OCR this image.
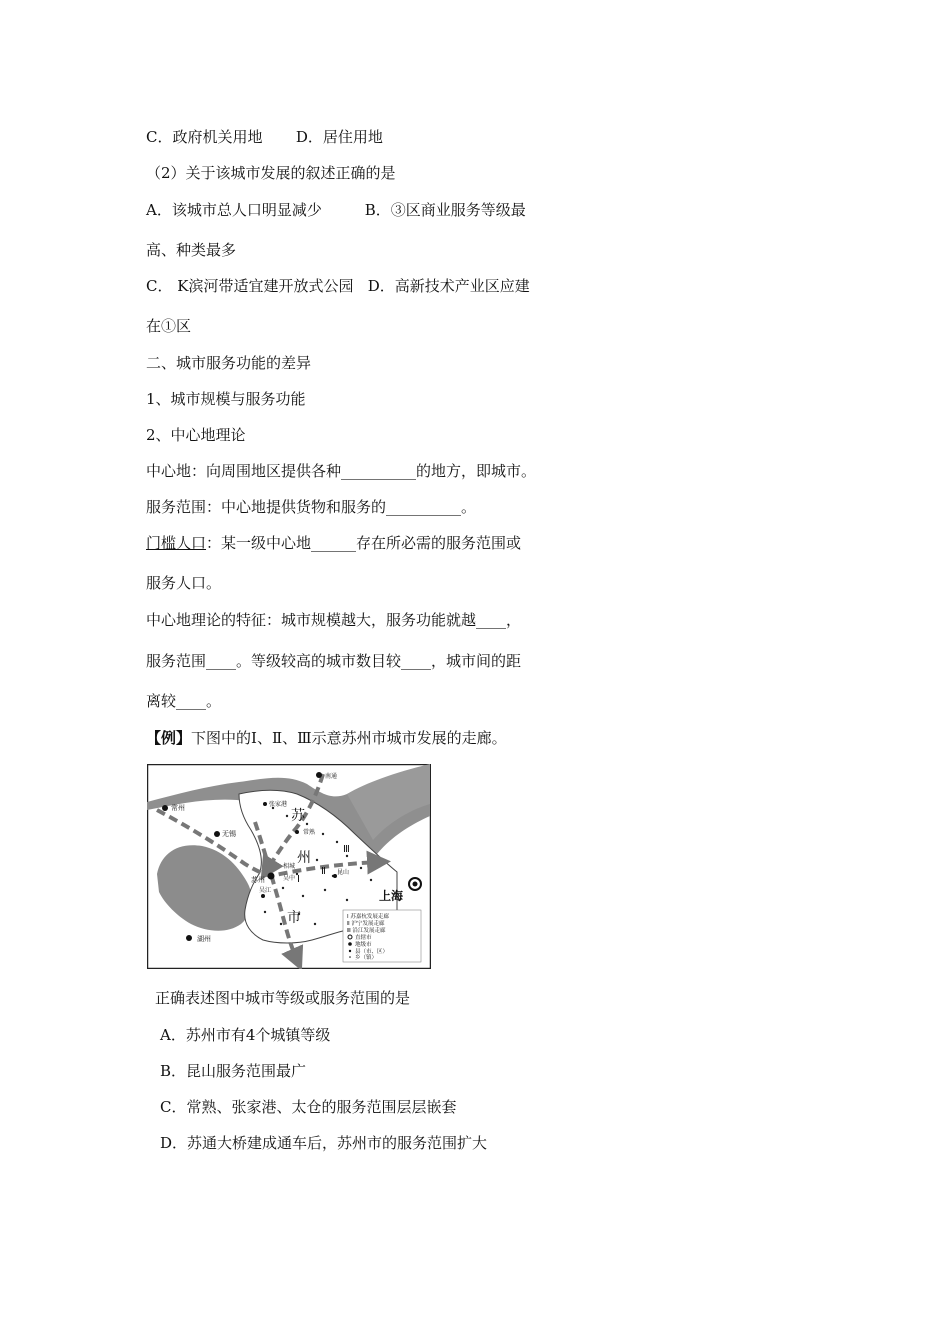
C．政府机关用地 D．居住用地
（2）关于该城市发展的叙述正确的是
A．该城市总人口明显减少	B．③区商业服务等级最
高、种类最多
C． K滨河带适宜建开放式公园 D．高新技术产业区应建
在①区
二、城市服务功能的差异
1、城市规模与服务功能
2、中心地理论
中心地：向周围地区提供各种__________的地方，即城市。
服务范围：中心地提供货物和服务的__________。
门槛人口：某一级中心地______存在所必需的服务范围或
服务人口。
中心地理论的特征：城市规模越大，服务功能就越____，
服务范围____。等级较高的城市数目较____，城市间的距
离较____。
【例】下图中的Ⅰ、Ⅱ、Ⅲ示意苏州市城市发展的走廊。
南通
张家港
常州
无锡	常熟
苏
州
市
苏州
相城
吴中
吴江
昆山
上海
湖州
Ⅰ
Ⅱ
Ⅲ
Ⅰ 苏嘉杭发展走廊
Ⅱ 沪宁发展走廊
Ⅲ 沿江发展走廊
直辖市
地级市
县（市、区）
乡（镇）
正确表述图中城市等级或服务范围的是
A．苏州市有4个城镇等级
B．昆山服务范围最广
C．常熟、张家港、太仓的服务范围层层嵌套
D．苏通大桥建成通车后，苏州市的服务范围扩大
